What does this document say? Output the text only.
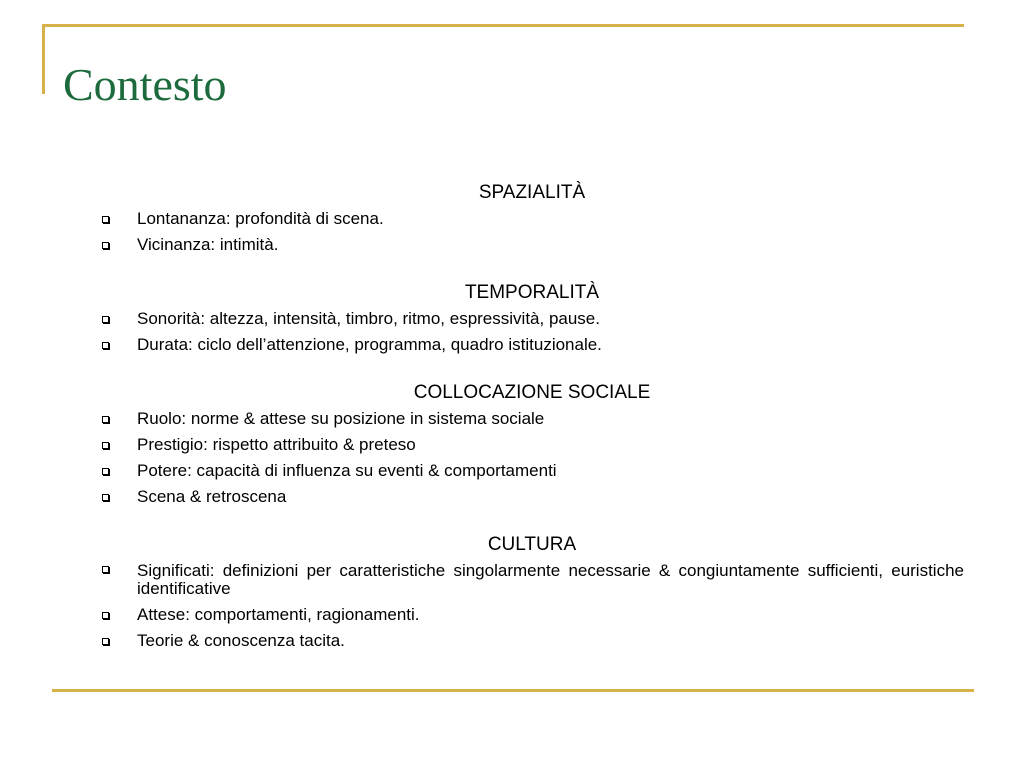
Contesto
SPAZIALITÀ
Lontananza: profondità di scena.
Vicinanza: intimità.
TEMPORALITÀ
Sonorità: altezza, intensità, timbro, ritmo, espressività, pause.
Durata: ciclo dell’attenzione, programma, quadro istituzionale.
COLLOCAZIONE SOCIALE
Ruolo: norme & attese su posizione in sistema sociale
Prestigio: rispetto attribuito & preteso
Potere: capacità di influenza su eventi & comportamenti
Scena & retroscena
CULTURA
Significati: definizioni per caratteristiche singolarmente necessarie & congiuntamente sufficienti, euristiche identificative
Attese: comportamenti, ragionamenti.
Teorie & conoscenza tacita.
